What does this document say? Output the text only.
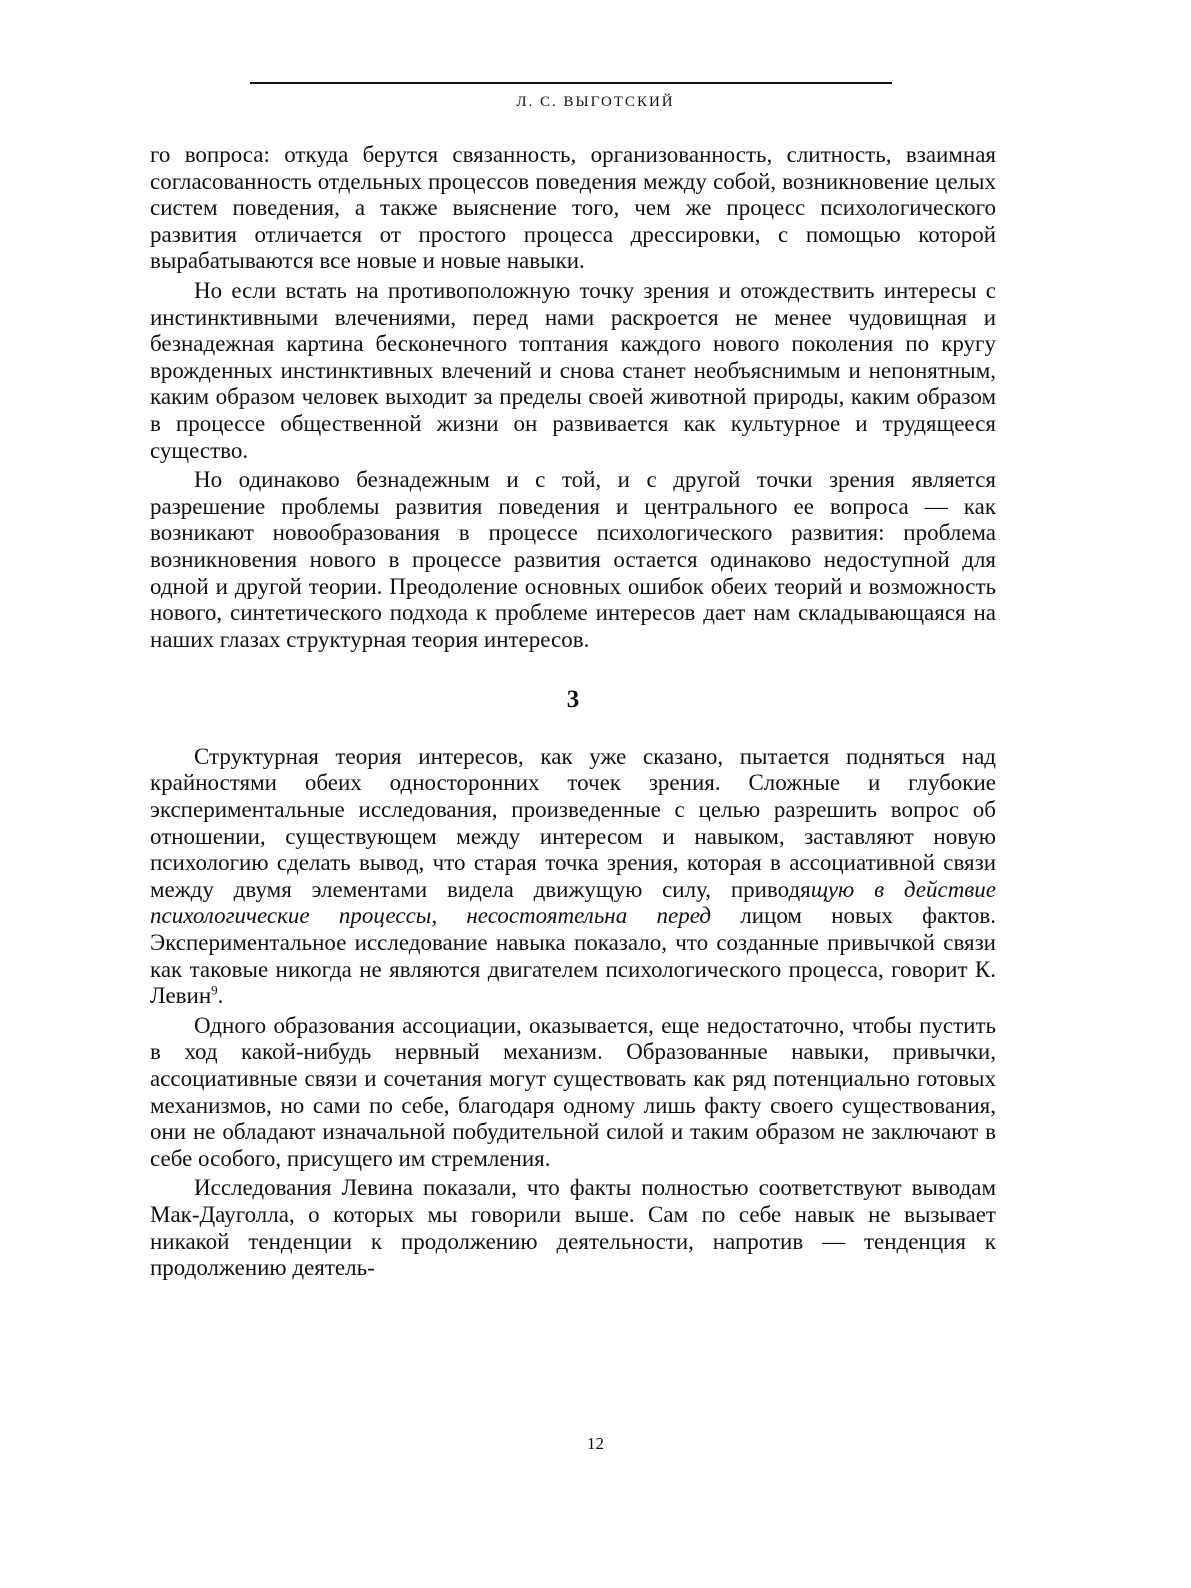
Л. С. ВЫГОТСКИЙ

го вопроса: откуда берутся связанность, организованность, слитность, взаимная согласованность отдельных процессов поведения между собой, возникновение целых систем поведения, а также выяснение того, чем же процесс психологического развития отличается от простого процесса дрессировки, с помощью которой вырабатываются все новые и новые навыки.

Но если встать на противоположную точку зрения и отождествить интересы с инстинктивными влечениями, перед нами раскроется не менее чудовищная и безнадежная картина бесконечного топтания каждого нового поколения по кругу врожденных инстинктивных влечений и снова станет необъяснимым и непонятным, каким образом человек выходит за пределы своей животной природы, каким образом в процессе общественной жизни он развивается как культурное и трудящееся существо.

Но одинаково безнадежным и с той, и с другой точки зрения является разрешение проблемы развития поведения и центрального ее вопроса — как возникают новообразования в процессе психологического развития: проблема возникновения нового в процессе развития остается одинаково недоступной для одной и другой теории. Преодоление основных ошибок обеих теорий и возможность нового, синтетического подхода к проблеме интересов дает нам складывающаяся на наших глазах структурная теория интересов.

3

Структурная теория интересов, как уже сказано, пытается подняться над крайностями обеих односторонних точек зрения. Сложные и глубокие экспериментальные исследования, произведенные с целью разрешить вопрос об отношении, существующем между интересом и навыком, заставляют новую психологию сделать вывод, что старая точка зрения, которая в ассоциативной связи между двумя элементами видела движущую силу, приводящую в действие психологические процессы, несостоятельна перед лицом новых фактов. Экспериментальное исследование навыка показало, что созданные привычкой связи как таковые никогда не являются двигателем психологического процесса, говорит К. Левин$^9$.

Одного образования ассоциации, оказывается, еще недостаточно, чтобы пустить в ход какой-нибудь нервный механизм. Образованные навыки, привычки, ассоциативные связи и сочетания могут существовать как ряд потенциально готовых механизмов, но сами по себе, благодаря одному лишь факту своего существования, они не обладают изначальной побудительной силой и таким образом не заключают в себе особого, присущего им стремления.

Исследования Левина показали, что факты полностью соответствуют выводам Мак-Дауголла, о которых мы говорили выше. Сам по себе навык не вызывает никакой тенденции к продолжению деятельности, напротив — тенденция к продолжению деятель-

12
